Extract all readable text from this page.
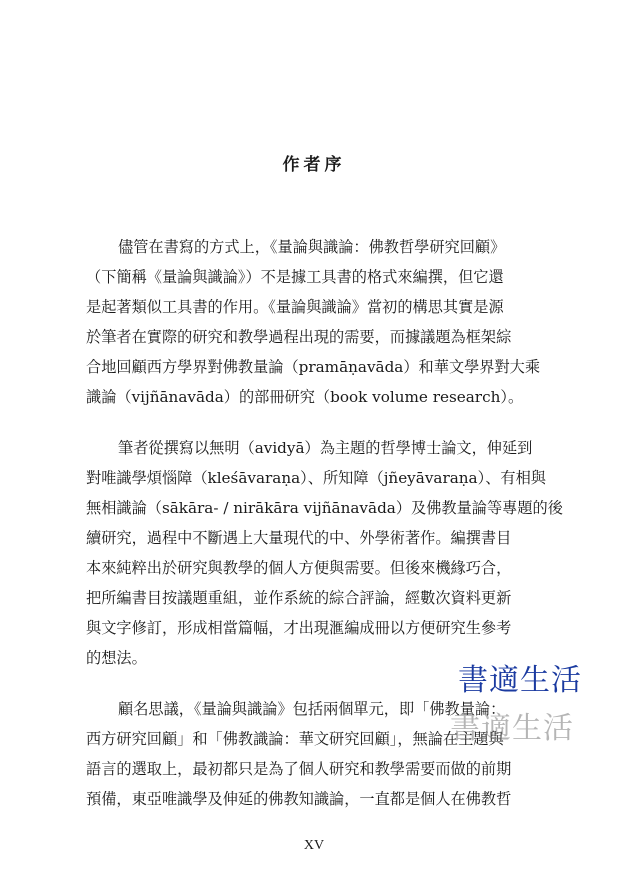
作者序
儘管在書寫的方式上，《量論與識論：佛教哲學研究回顧》
（下簡稱《量論與識論》）不是據工具書的格式來編撰，但它還
是起著類似工具書的作用。《量論與識論》當初的構思其實是源
於筆者在實際的研究和教學過程出現的需要，而據議題為框架綜
合地回顧西方學界對佛教量論（pramāṇavāda）和華文學界對大乘
識論（vijñānavāda）的部冊研究（book volume research）。
筆者從撰寫以無明（avidyā）為主題的哲學博士論文，伸延到
對唯識學煩惱障（kleśāvaraṇa）、所知障（jñeyāvaraṇa）、有相與
無相識論（sākāra- / nirākāra vijñānavāda）及佛教量論等專題的後
續研究，過程中不斷遇上大量現代的中、外學術著作。編撰書目
本來純粹出於研究與教學的個人方便與需要。但後來機緣巧合，
把所編書目按議題重組，並作系統的綜合評論，經數次資料更新
與文字修訂，形成相當篇幅，才出現滙編成冊以方便研究生參考
的想法。
顧名思議，《量論與識論》包括兩個單元，即「佛教量論：
西方研究回顧」和「佛教識論：華文研究回顧」，無論在主題與
語言的選取上，最初都只是為了個人研究和教學需要而做的前期
預備，東亞唯識學及伸延的佛教知識論，一直都是個人在佛教哲
書適生活
書適生活
XV
